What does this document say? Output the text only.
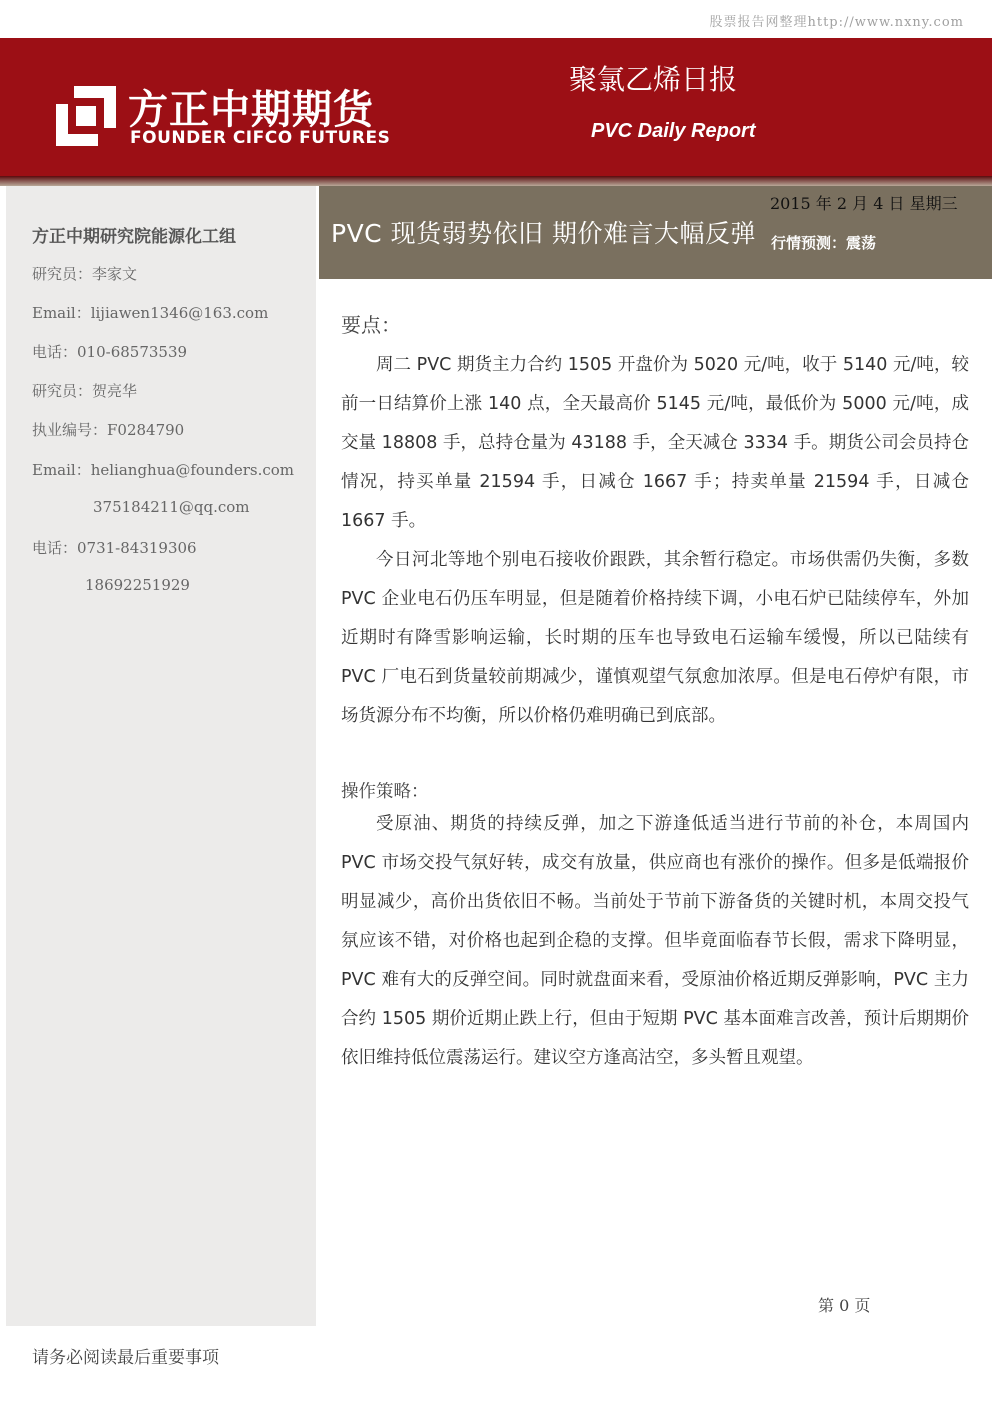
股票报告网整理http://www.nxny.com
方正中期期货
FOUNDER CIFCO FUTURES
聚氯乙烯日报
PVC Daily Report
方正中期研究院能源化工组
研究员：李家文
Email：lijiawen1346@163.com
电话：010-68573539
研究员：贺亮华
执业编号：F0284790
Email：helianghua@founders.com
375184211@qq.com
电话：0731-84319306
18692251929
PVC 现货弱势依旧 期价难言大幅反弹
2015 年 2 月 4 日 星期三
行情预测：震荡
要点：

周二 PVC 期货主力合约 1505 开盘价为 5020 元/吨，收于 5140 元/吨，较前一日结算价上涨 140 点，全天最高价 5145 元/吨，最低价为 5000 元/吨，成交量 18808 手，总持仓量为 43188 手，全天减仓 3334 手。期货公司会员持仓情况，持买单量 21594 手，日减仓 1667 手；持卖单量 21594 手，日减仓 1667 手。

今日河北等地个别电石接收价跟跌，其余暂行稳定。市场供需仍失衡，多数 PVC 企业电石仍压车明显，但是随着价格持续下调，小电石炉已陆续停车，外加近期时有降雪影响运输，长时期的压车也导致电石运输车缓慢，所以已陆续有 PVC 厂电石到货量较前期减少，谨慎观望气氛愈加浓厚。但是电石停炉有限，市场货源分布不均衡，所以价格仍难明确已到底部。

操作策略：

受原油、期货的持续反弹，加之下游逢低适当进行节前的补仓，本周国内 PVC 市场交投气氛好转，成交有放量，供应商也有涨价的操作。但多是低端报价明显减少，高价出货依旧不畅。当前处于节前下游备货的关键时机，本周交投气氛应该不错，对价格也起到企稳的支撑。但毕竟面临春节长假，需求下降明显，PVC 难有大的反弹空间。同时就盘面来看，受原油价格近期反弹影响，PVC 主力合约 1505 期价近期止跌上行，但由于短期 PVC 基本面难言改善，预计后期期价依旧维持低位震荡运行。建议空方逢高沽空，多头暂且观望。

第 0 页
请务必阅读最后重要事项
